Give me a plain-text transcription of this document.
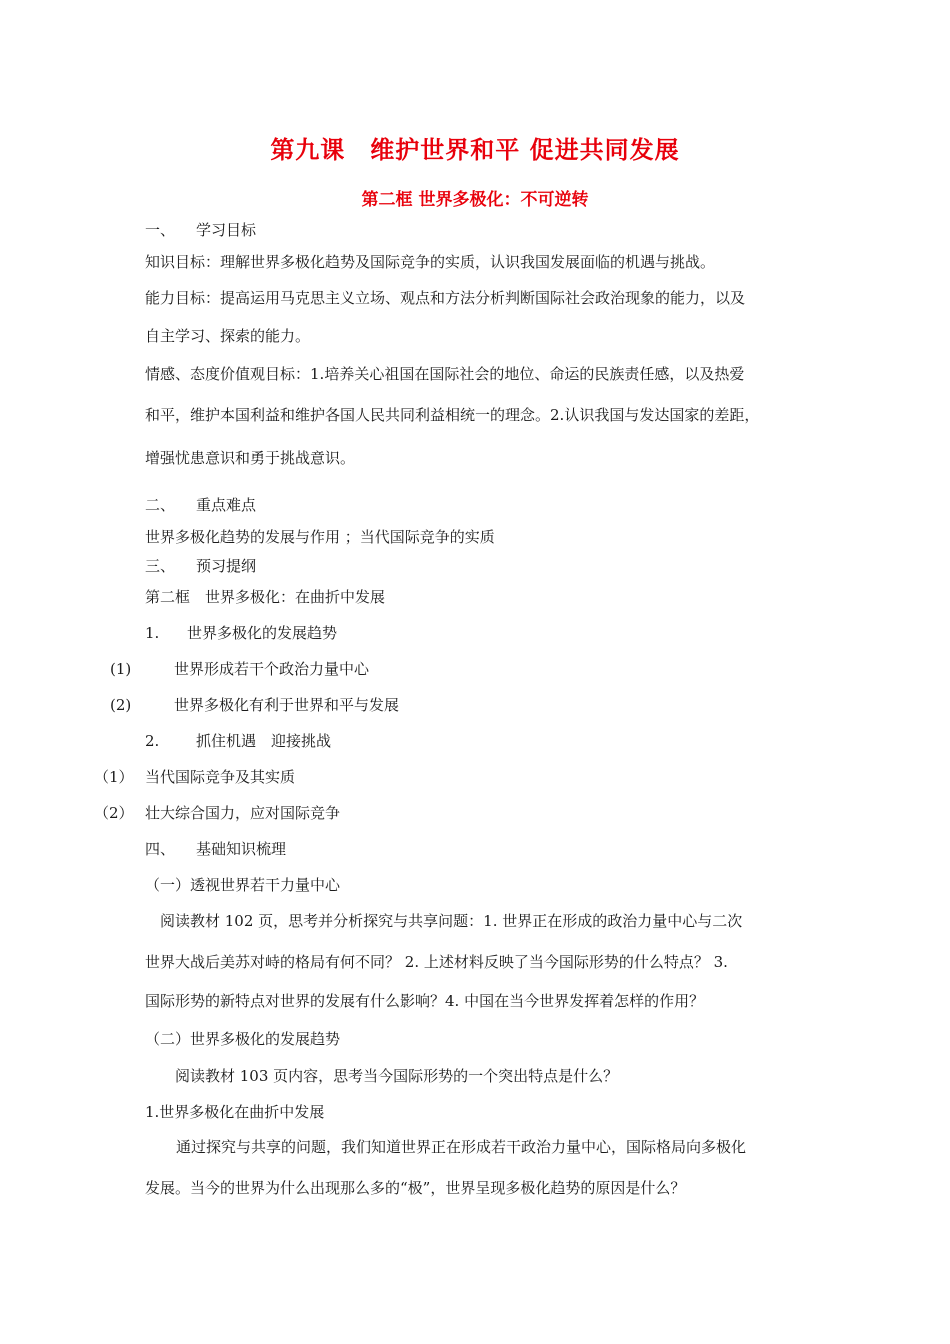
第九课　维护世界和平 促进共同发展
第二框 世界多极化：不可逆转
一、 学习目标
知识目标：理解世界多极化趋势及国际竞争的实质，认识我国发展面临的机遇与挑战。
能力目标：提高运用马克思主义立场、观点和方法分析判断国际社会政治现象的能力，以及
自主学习、探索的能力。
情感、态度价值观目标：1.培养关心祖国在国际社会的地位、命运的民族责任感，以及热爱
和平，维护本国利益和维护各国人民共同利益相统一的理念。2.认识我国与发达国家的差距，
增强忧患意识和勇于挑战意识。
二、 重点难点
世界多极化趋势的发展与作用 ；当代国际竞争的实质
三、 预习提纲
第二框　世界多极化：在曲折中发展
1. 世界多极化的发展趋势
(1)	世界形成若干个政治力量中心
(2)	世界多极化有利于世界和平与发展
2. 抓住机遇　迎接挑战
（1） 当代国际竞争及其实质
（2） 壮大综合国力，应对国际竞争
四、 基础知识梳理
（一）透视世界若干力量中心
阅读教材 102 页，思考并分析探究与共享问题：1. 世界正在形成的政治力量中心与二次
世界大战后美苏对峙的格局有何不同？ 2. 上述材料反映了当今国际形势的什么特点？ 3.
国际形势的新特点对世界的发展有什么影响？4. 中国在当今世界发挥着怎样的作用？
（二）世界多极化的发展趋势
阅读教材 103 页内容，思考当今国际形势的一个突出特点是什么？
1.世界多极化在曲折中发展
通过探究与共享的问题，我们知道世界正在形成若干政治力量中心，国际格局向多极化
发展。当今的世界为什么出现那么多的“极”，世界呈现多极化趋势的原因是什么？
